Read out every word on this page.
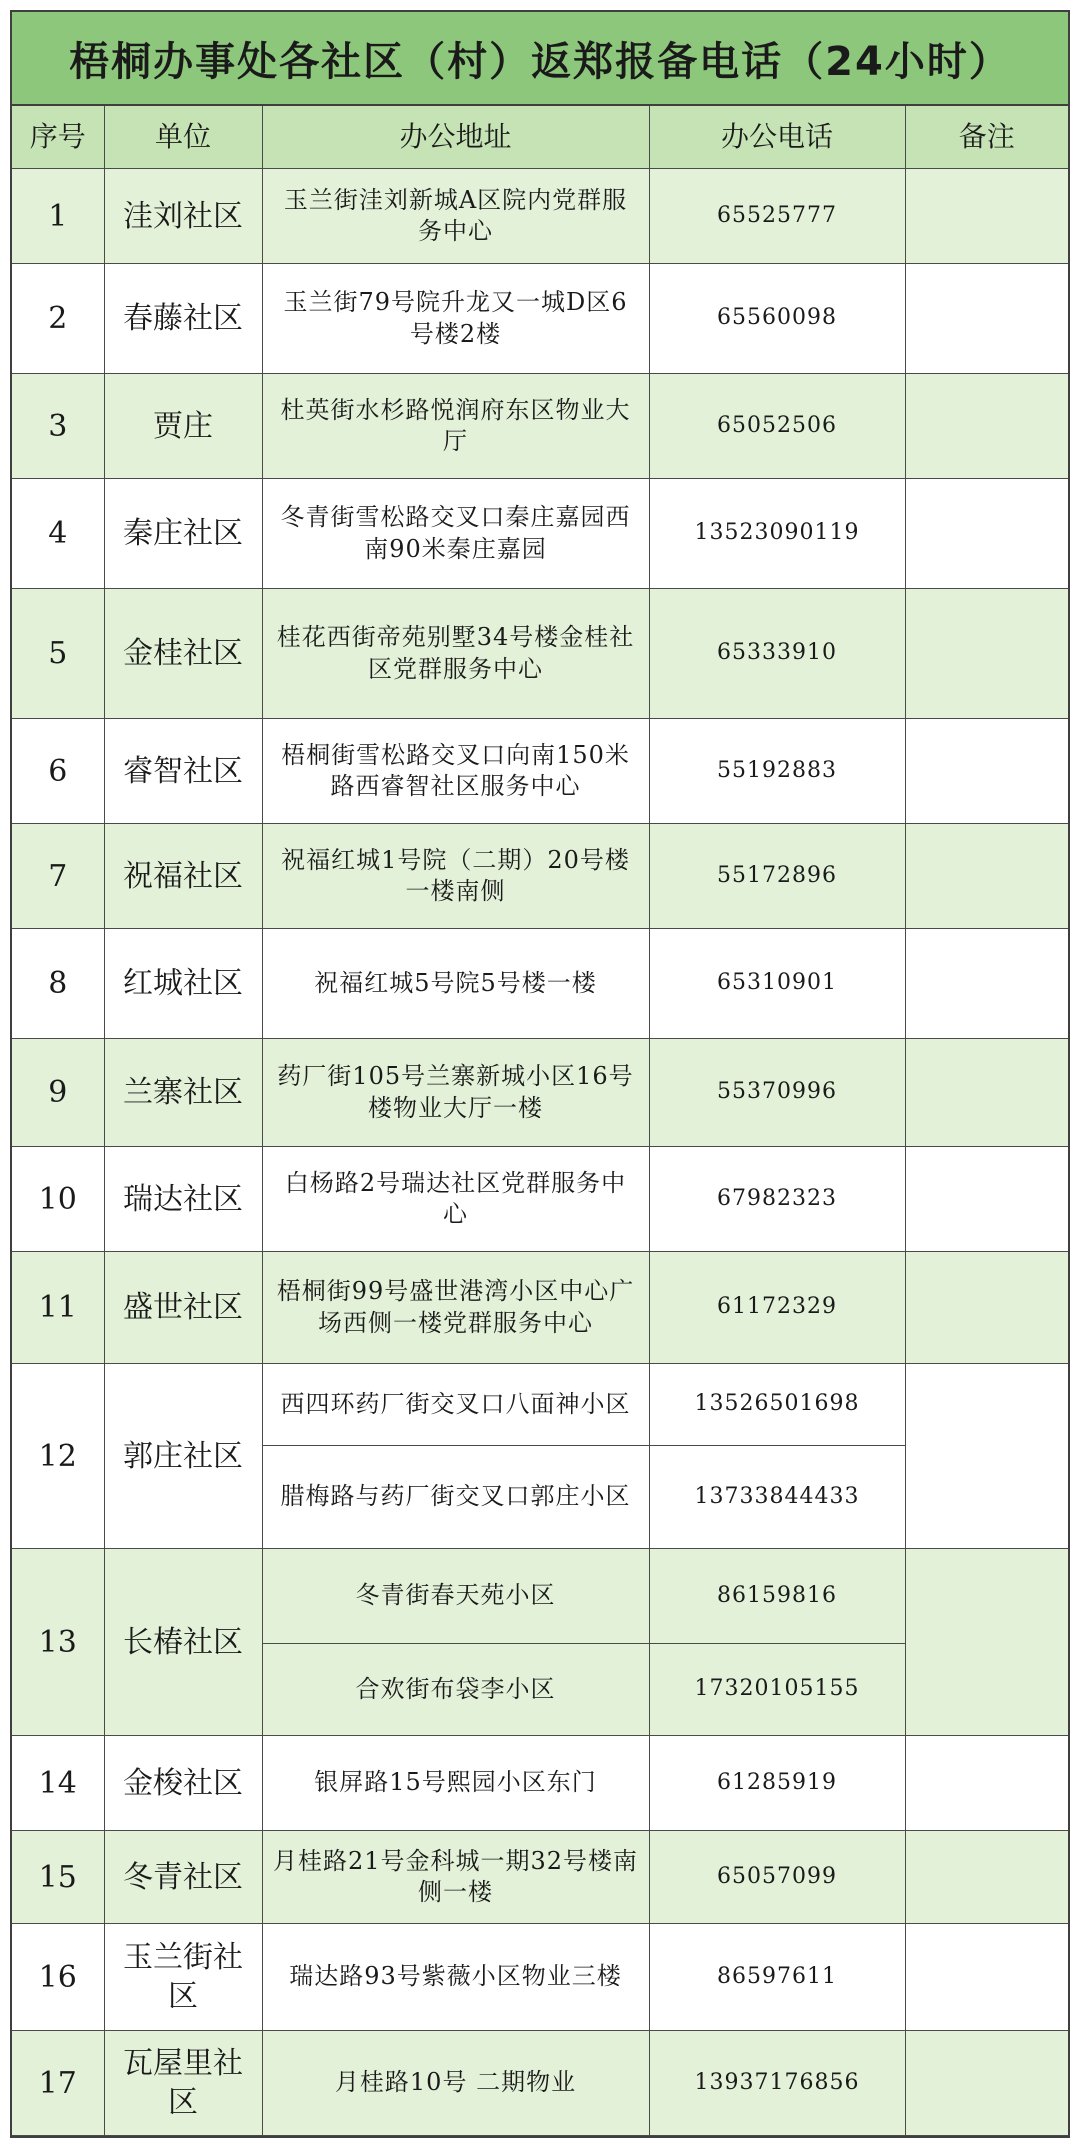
梧桐办事处各社区（村）返郑报备电话（24小时）
序号	单位	办公地址	办公电话	备注
1	洼刘社区	玉兰街洼刘新城A区院内党群服务中心	65525777	
2	春藤社区	玉兰街79号院升龙又一城D区6号楼2楼	65560098	
3	贾庄	杜英街水杉路悦润府东区物业大厅	65052506	
4	秦庄社区	冬青街雪松路交叉口秦庄嘉园西南90米秦庄嘉园	13523090119	
5	金桂社区	桂花西街帝苑别墅34号楼金桂社区党群服务中心	65333910	
6	睿智社区	梧桐街雪松路交叉口向南150米路西睿智社区服务中心	55192883	
7	祝福社区	祝福红城1号院（二期）20号楼一楼南侧	55172896	
8	红城社区	祝福红城5号院5号楼一楼	65310901	
9	兰寨社区	药厂街105号兰寨新城小区16号楼物业大厅一楼	55370996	
10	瑞达社区	白杨路2号瑞达社区党群服务中心	67982323	
11	盛世社区	梧桐街99号盛世港湾小区中心广场西侧一楼党群服务中心	61172329	
12	郭庄社区	西四环药厂街交叉口八面神小区	13526501698	
		腊梅路与药厂街交叉口郭庄小区	13733844433	
13	长椿社区	冬青街春天苑小区	86159816	
		合欢街布袋李小区	17320105155	
14	金梭社区	银屏路15号熙园小区东门	61285919	
15	冬青社区	月桂路21号金科城一期32号楼南侧一楼	65057099	
16	玉兰街社区	瑞达路93号紫薇小区物业三楼	86597611	
17	瓦屋里社区	月桂路10号 二期物业	13937176856	
